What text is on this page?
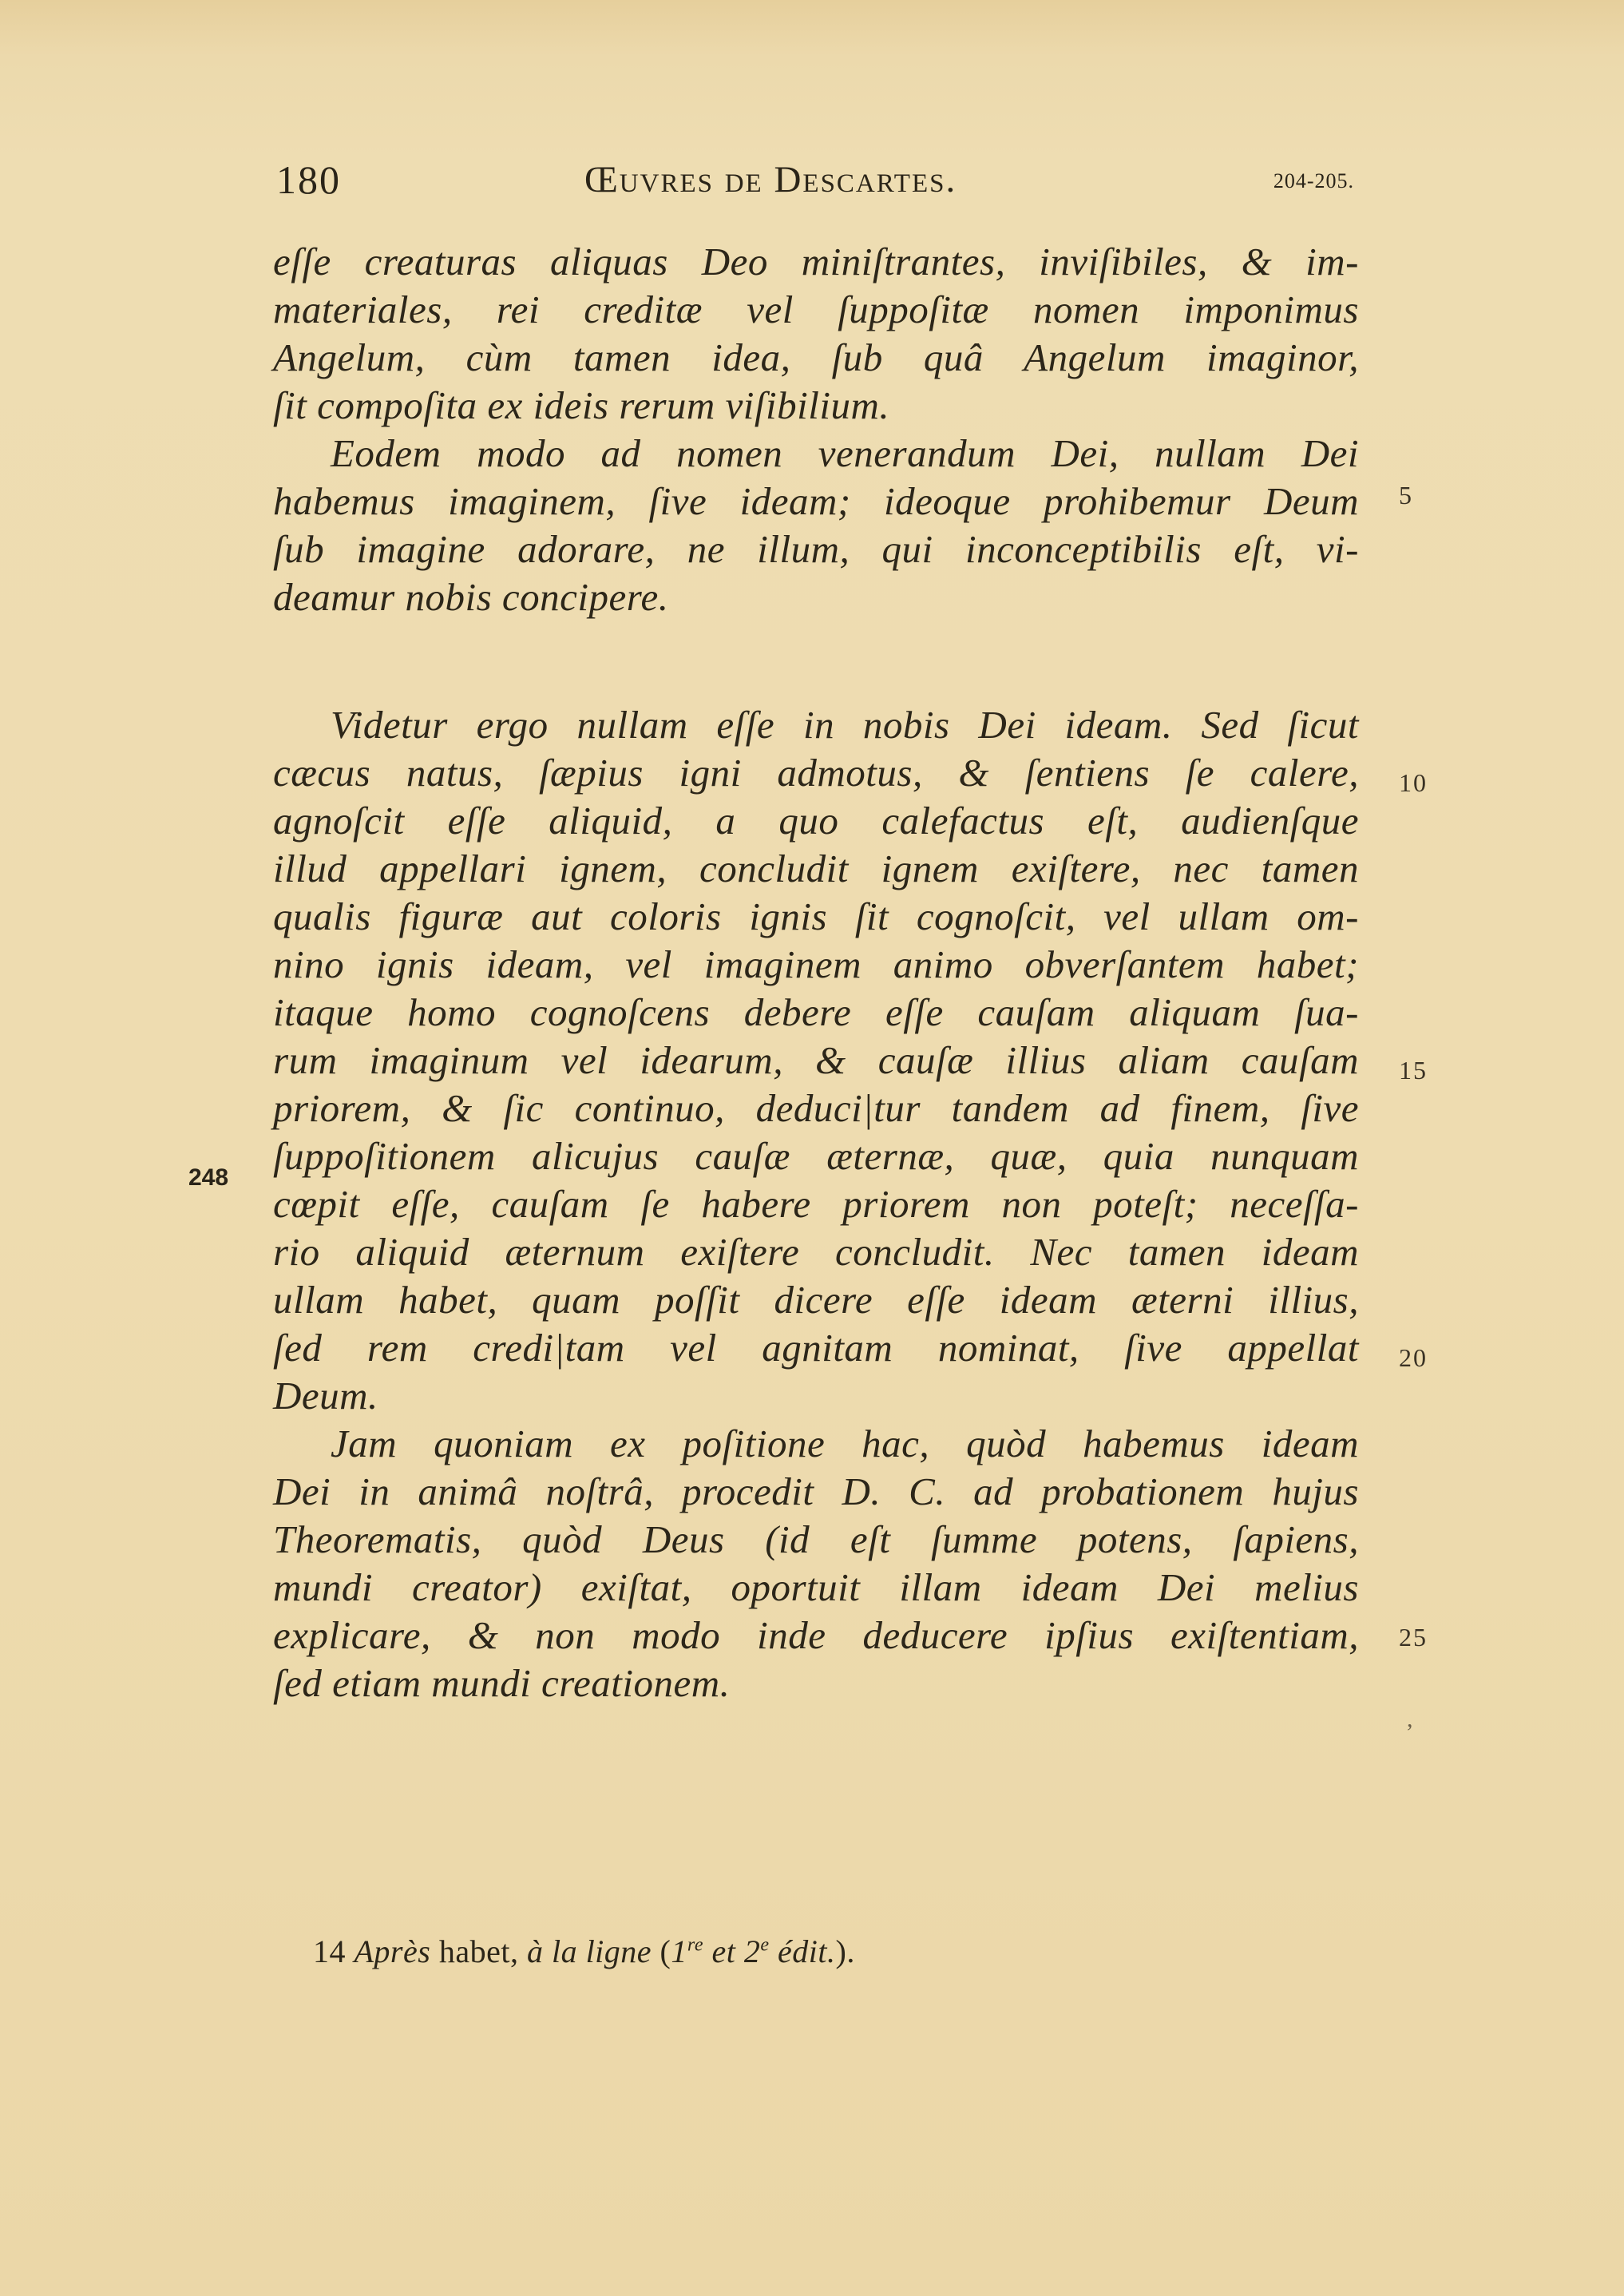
180	Œuvres de Descartes.	204-205.
eſſe creaturas aliquas Deo miniſtrantes, inviſibiles, & im-
materiales, rei creditæ vel ſuppoſitæ nomen imponimus
Angelum, cùm tamen idea, ſub quâ Angelum imaginor,
ſit compoſita ex ideis rerum viſibilium.
Eodem modo ad nomen venerandum Dei, nullam Dei
habemus imaginem, ſive ideam; ideoque prohibemur Deum
ſub imagine adorare, ne illum, qui inconceptibilis eſt, vi-
deamur nobis concipere.
Videtur ergo nullam eſſe in nobis Dei ideam. Sed ſicut
cæcus natus, ſæpius igni admotus, & ſentiens ſe calere,
agnoſcit eſſe aliquid, a quo calefactus eſt, audienſque
illud appellari ignem, concludit ignem exiſtere, nec tamen
qualis figuræ aut coloris ignis ſit cognoſcit, vel ullam om-
nino ignis ideam, vel imaginem animo obverſantem habet;
itaque homo cognoſcens debere eſſe cauſam aliquam ſua-
rum imaginum vel idearum, & cauſæ illius aliam cauſam
priorem, & ſic continuo, deduci|tur tandem ad finem, ſive
ſuppoſitionem alicujus cauſæ æternæ, quæ, quia nunquam
cœpit eſſe, cauſam ſe habere priorem non poteſt; neceſſa-
rio aliquid æternum exiſtere concludit. Nec tamen ideam
ullam habet, quam poſſit dicere eſſe ideam æterni illius,
ſed rem credi|tam vel agnitam nominat, ſive appellat
Deum.
Jam quoniam ex poſitione hac, quòd habemus ideam
Dei in animâ noſtrâ, procedit D. C. ad probationem hujus
Theorematis, quòd Deus (id eſt ſumme potens, ſapiens,
mundi creator) exiſtat, oportuit illam ideam Dei melius
explicare, & non modo inde deducere ipſius exiſtentiam,
ſed etiam mundi creationem.
5
10
15
20
25
248
,
14 Après habet, à la ligne (1re et 2e édit.).
